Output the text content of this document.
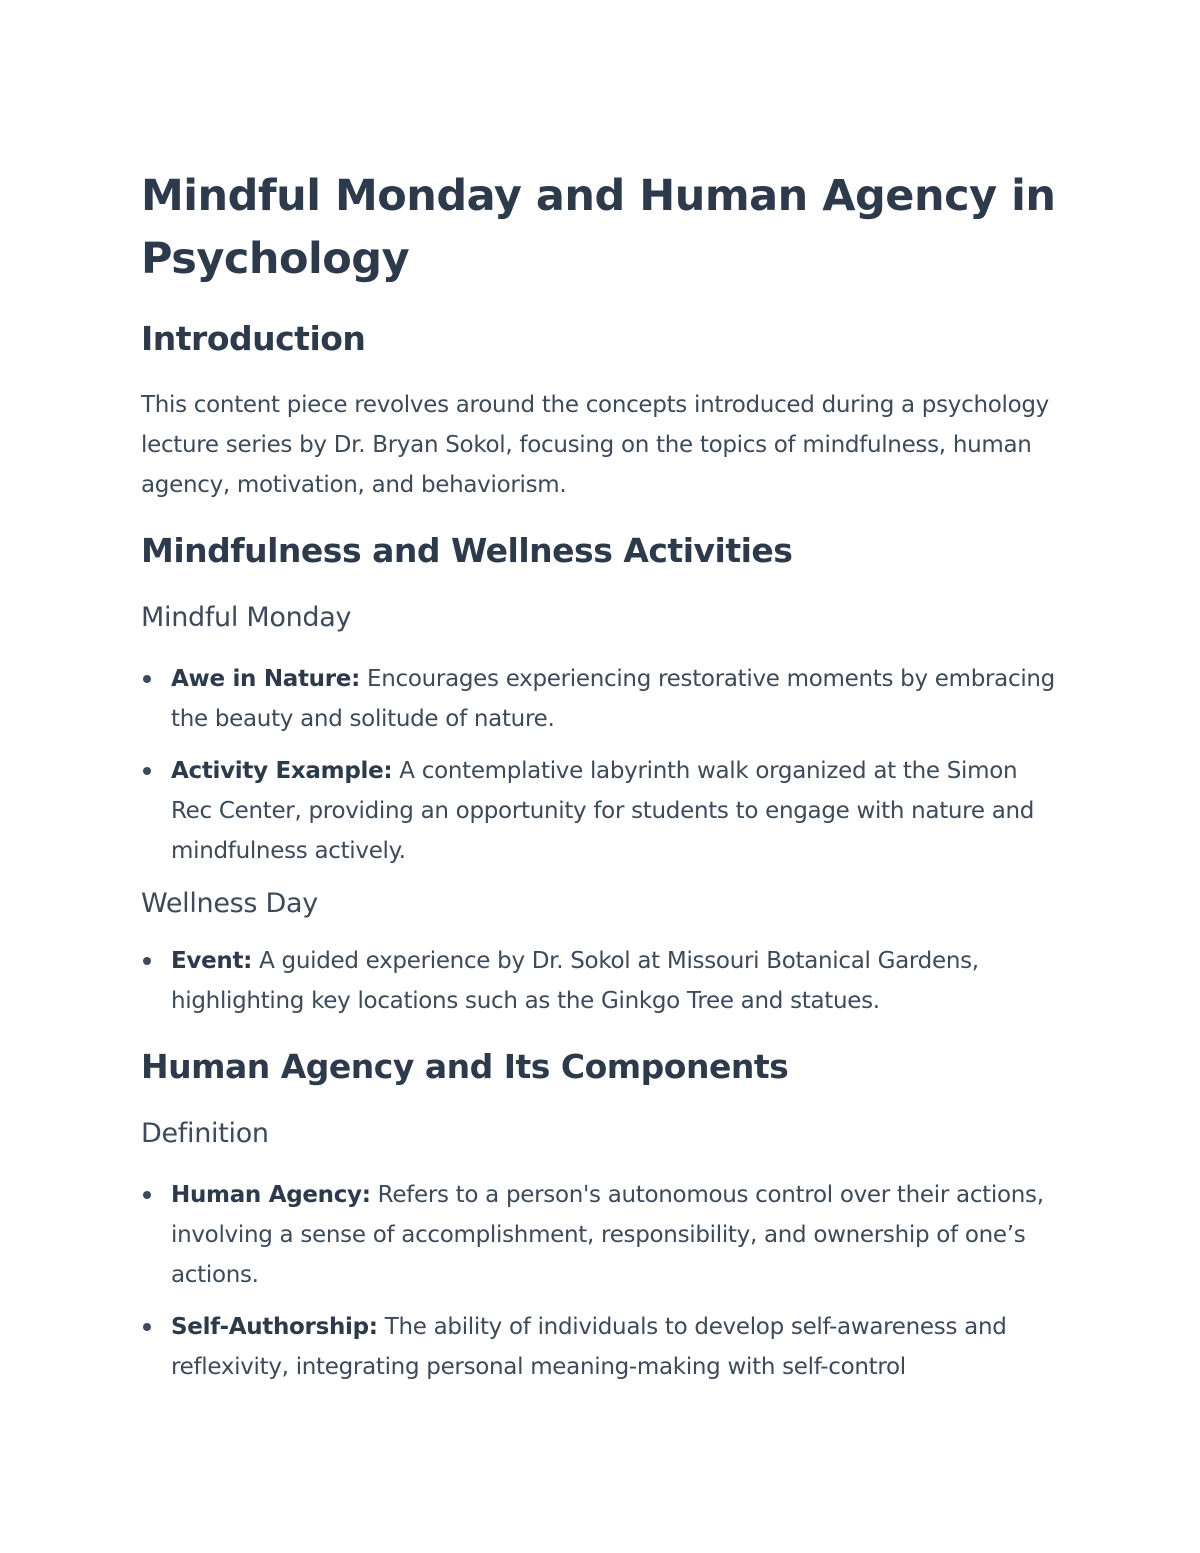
Mindful Monday and Human Agency in Psychology
Introduction

This content piece revolves around the concepts introduced during a psychology lecture series by Dr. Bryan Sokol, focusing on the topics of mindfulness, human agency, motivation, and behaviorism.

Mindfulness and Wellness Activities
Mindful Monday
Awe in Nature: Encourages experiencing restorative moments by embracing the beauty and solitude of nature.
Activity Example: A contemplative labyrinth walk organized at the Simon Rec Center, providing an opportunity for students to engage with nature and mindfulness actively.
Wellness Day
Event: A guided experience by Dr. Sokol at Missouri Botanical Gardens, highlighting key locations such as the Ginkgo Tree and statues.
Human Agency and Its Components
Definition
Human Agency: Refers to a person's autonomous control over their actions, involving a sense of accomplishment, responsibility, and ownership of one’s actions.
Self-Authorship: The ability of individuals to develop self-awareness and reflexivity, integrating personal meaning-making with self-control
